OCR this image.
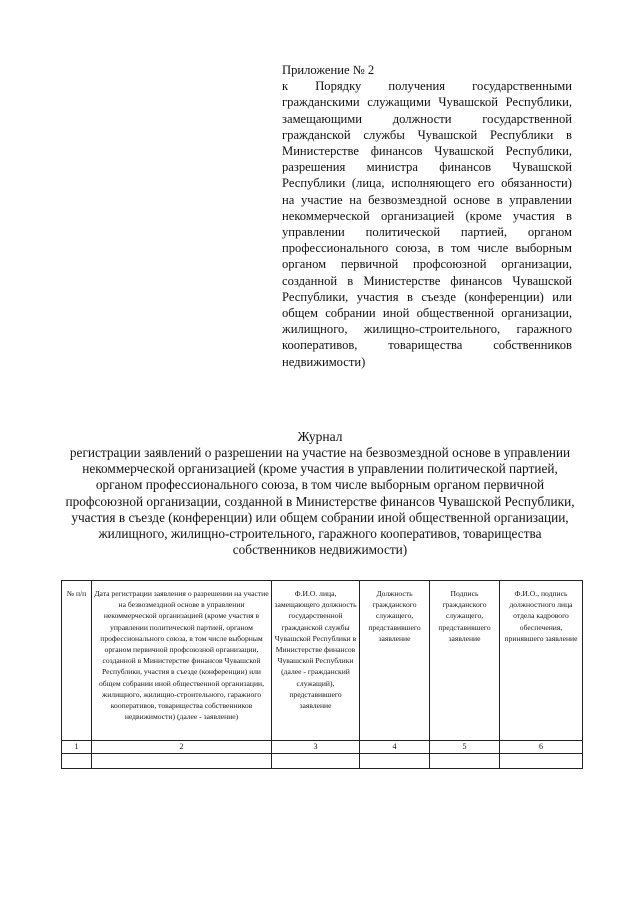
Приложение № 2
к Порядку получения государственными гражданскими служащими Чувашской Республики, замещающими должности государственной гражданской службы Чувашской Республики в Министерстве финансов Чувашской Республики, разрешения министра финансов Чувашской Республики (лица, исполняющего его обязанности) на участие на безвозмездной основе в управлении некоммерческой организацией (кроме участия в управлении политической партией, органом профессионального союза, в том числе выборным органом первичной профсоюзной организации, созданной в Министерстве финансов Чувашской Республики, участия в съезде (конференции) или общем собрании иной общественной организации, жилищного, жилищно-строительного, гаражного кооперативов, товарищества собственников недвижимости)
Журнал
регистрации заявлений о разрешении на участие на безвозмездной основе в управлении некоммерческой организацией (кроме участия в управлении политической партией, органом профессионального союза, в том числе выборным органом первичной профсоюзной организации, созданной в Министерстве финансов Чувашской Республики, участия в съезде (конференции) или общем собрании иной общественной организации, жилищного, жилищно-строительного, гаражного кооперативов, товарищества собственников недвижимости)
№ п/п	Дата регистрации заявления о разрешении на участие на безвозмездной основе в управлении некоммерческой организацией (кроме участия в управлении политической партией, органом профессионального союза, в том числе выборным органом первичной профсоюзной организации, созданной в Министерстве финансов Чувашской Республики, участия в съезде (конференции) или общем собрании иной общественной организации, жилищного, жилищно-строительного, гаражного кооперативов, товарищества собственников недвижимости) (далее - заявление)	Ф.И.О. лица, замещающего должность государственной гражданской службы Чувашской Республики в Министерстве финансов Чувашской Республики (далее - гражданский служащий), представившего заявление	Должность гражданского служащего, представившего заявление	Подпись гражданского служащего, представившего заявление	Ф.И.О., подпись должностного лица отдела кадрового обеспечения, принявшего заявление
1	2	3	4	5	6
